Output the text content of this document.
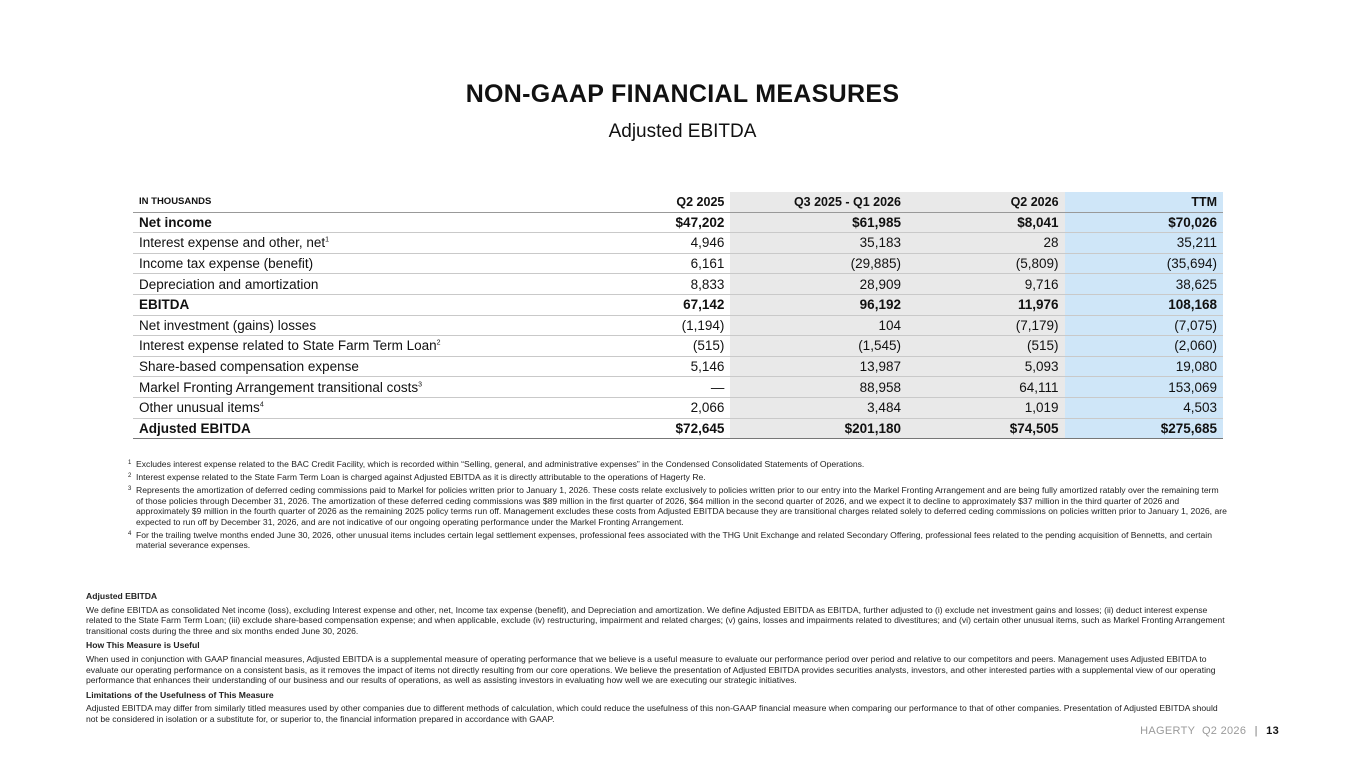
NON-GAAP FINANCIAL MEASURES
Adjusted EBITDA
IN THOUSANDS	Q2 2025	Q3 2025 - Q1 2026	Q2 2026	TTM
Net income	$47,202	$61,985	$8,041	$70,026
Interest expense and other, net$^1$	4,946	35,183	28	35,211
Income tax expense (benefit)	6,161	(29,885)	(5,809)	(35,694)
Depreciation and amortization	8,833	28,909	9,716	38,625
EBITDA	67,142	96,192	11,976	108,168
Net investment (gains) losses	(1,194)	104	(7,179)	(7,075)
Interest expense related to State Farm Term Loan$^2$	(515)	(1,545)	(515)	(2,060)
Share-based compensation expense	5,146	13,987	5,093	19,080
Markel Fronting Arrangement transitional costs$^3$	—	88,958	64,111	153,069
Other unusual items$^4$	2,066	3,484	1,019	4,503
Adjusted EBITDA	$72,645	$201,180	$74,505	$275,685
1 Excludes interest expense related to the BAC Credit Facility, which is recorded within “Selling, general, and administrative expenses” in the Condensed Consolidated Statements of Operations.
2 Interest expense related to the State Farm Term Loan is charged against Adjusted EBITDA as it is directly attributable to the operations of Hagerty Re.
3 Represents the amortization of deferred ceding commissions paid to Markel for policies written prior to January 1, 2026. These costs relate exclusively to policies written prior to our entry into the Markel Fronting Arrangement and are being fully amortized ratably over the remaining term of those policies through December 31, 2026. The amortization of these deferred ceding commissions was $89 million in the first quarter of 2026, $64 million in the second quarter of 2026, and we expect it to decline to approximately $37 million in the third quarter of 2026 and approximately $9 million in the fourth quarter of 2026 as the remaining 2025 policy terms run off. Management excludes these costs from Adjusted EBITDA because they are transitional charges related solely to deferred ceding commissions on policies written prior to January 1, 2026, are expected to run off by December 31, 2026, and are not indicative of our ongoing operating performance under the Markel Fronting Arrangement.
4 For the trailing twelve months ended June 30, 2026, other unusual items includes certain legal settlement expenses, professional fees associated with the THG Unit Exchange and related Secondary Offering, professional fees related to the pending acquisition of Bennetts, and certain material severance expenses.
Adjusted EBITDA
We define EBITDA as consolidated Net income (loss), excluding Interest expense and other, net, Income tax expense (benefit), and Depreciation and amortization. We define Adjusted EBITDA as EBITDA, further adjusted to (i) exclude net investment gains and losses; (ii) deduct interest expense related to the State Farm Term Loan; (iii) exclude share-based compensation expense; and when applicable, exclude (iv) restructuring, impairment and related charges; (v) gains, losses and impairments related to divestitures; and (vi) certain other unusual items, such as Markel Fronting Arrangement transitional costs during the three and six months ended June 30, 2026.
How This Measure is Useful
When used in conjunction with GAAP financial measures, Adjusted EBITDA is a supplemental measure of operating performance that we believe is a useful measure to evaluate our performance period over period and relative to our competitors and peers. Management uses Adjusted EBITDA to evaluate our operating performance on a consistent basis, as it removes the impact of items not directly resulting from our core operations. We believe the presentation of Adjusted EBITDA provides securities analysts, investors, and other interested parties with a supplemental view of our operating performance that enhances their understanding of our business and our results of operations, as well as assisting investors in evaluating how well we are executing our strategic initiatives.
Limitations of the Usefulness of This Measure
Adjusted EBITDA may differ from similarly titled measures used by other companies due to different methods of calculation, which could reduce the usefulness of this non-GAAP financial measure when comparing our performance to that of other companies. Presentation of Adjusted EBITDA should not be considered in isolation or a substitute for, or superior to, the financial information prepared in accordance with GAAP.
HAGERTY Q2 2026 | 13
